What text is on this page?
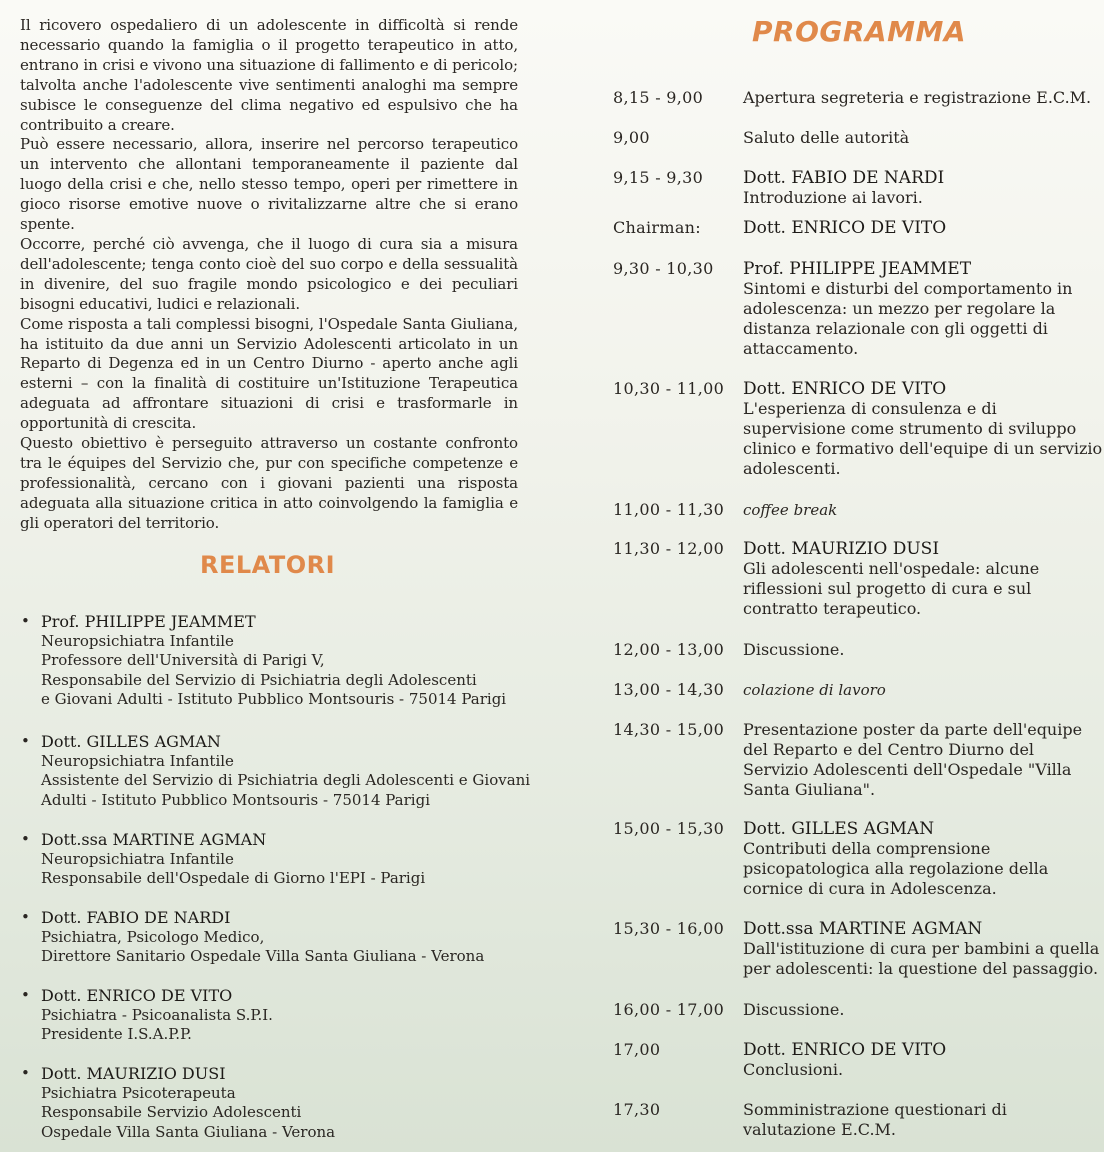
Il ricovero ospedaliero di un adolescente in difficoltà si rende necessario quando la famiglia o il progetto terapeutico in atto, entrano in crisi e vivono una situazione di fallimento e di pericolo; talvolta anche l'adolescente vive sentimenti analoghi ma sempre subisce le conseguenze del clima negativo ed espulsivo che ha contribuito a creare.

Può essere necessario, allora, inserire nel percorso terapeutico un intervento che allontani temporaneamente il paziente dal luogo della crisi e che, nello stesso tempo, operi per rimettere in gioco risorse emotive nuove o rivitalizzarne altre che si erano spente.

Occorre, perché ciò avvenga, che il luogo di cura sia a misura dell'adolescente; tenga conto cioè del suo corpo e della sessualità in divenire, del suo fragile mondo psicologico e dei peculiari bisogni educativi, ludici e relazionali.

Come risposta a tali complessi bisogni, l'Ospedale Santa Giuliana, ha istituito da due anni un Servizio Adolescenti articolato in un Reparto di Degenza ed in un Centro Diurno - aperto anche agli esterni – con la finalità di costituire un'Istituzione Terapeutica adeguata ad affrontare situazioni di crisi e trasformarle in opportunità di crescita.

Questo obiettivo è perseguito attraverso un costante confronto tra le équipes del Servizio che, pur con specifiche competenze e professionalità, cercano con i giovani pazienti una risposta adeguata alla situazione critica in atto coinvolgendo la famiglia e gli operatori del territorio.

RELATORI
• Prof. PHILIPPE JEAMMET
Neuropsichiatra Infantile
Professore dell'Università di Parigi V,
Responsabile del Servizio di Psichiatria degli Adolescenti
e Giovani Adulti - Istituto Pubblico Montsouris - 75014 Parigi
• Dott. GILLES AGMAN
Neuropsichiatra Infantile
Assistente del Servizio di Psichiatria degli Adolescenti e Giovani
Adulti - Istituto Pubblico Montsouris - 75014 Parigi
• Dott.ssa MARTINE AGMAN
Neuropsichiatra Infantile
Responsabile dell'Ospedale di Giorno l'EPI - Parigi
• Dott. FABIO DE NARDI
Psichiatra, Psicologo Medico,
Direttore Sanitario Ospedale Villa Santa Giuliana - Verona
• Dott. ENRICO DE VITO
Psichiatra - Psicoanalista S.P.I.
Presidente I.S.A.P.P.
• Dott. MAURIZIO DUSI
Psichiatra Psicoterapeuta
Responsabile Servizio Adolescenti
Ospedale Villa Santa Giuliana - Verona
PROGRAMMA
8,15 - 9,00 Apertura segreteria e registrazione E.C.M.
9,00	Saluto delle autorità
9,15 - 9,30 Dott. FABIO DE NARDI
Introduzione ai lavori.
Chairman: Dott. ENRICO DE VITO
9,30 - 10,30 Prof. PHILIPPE JEAMMET
Sintomi e disturbi del comportamento in adolescenza: un mezzo per regolare la distanza relazionale con gli oggetti di attaccamento.
10,30 - 11,00 Dott. ENRICO DE VITO
L'esperienza di consulenza e di supervisione come strumento di sviluppo clinico e formativo dell'equipe di un servizio adolescenti.
11,00 - 11,30 coffee break
11,30 - 12,00 Dott. MAURIZIO DUSI
Gli adolescenti nell'ospedale: alcune riflessioni sul progetto di cura e sul contratto terapeutico.
12,00 - 13,00 Discussione.
13,00 - 14,30 colazione di lavoro
14,30 - 15,00 Presentazione poster da parte dell'equipe del Reparto e del Centro Diurno del Servizio Adolescenti dell'Ospedale "Villa Santa Giuliana".
15,00 - 15,30 Dott. GILLES AGMAN
Contributi della comprensione psicopatologica alla regolazione della cornice di cura in Adolescenza.
15,30 - 16,00 Dott.ssa MARTINE AGMAN
Dall'istituzione di cura per bambini a quella per adolescenti: la questione del passaggio.
16,00 - 17,00 Discussione.
17,00	Dott. ENRICO DE VITO
Conclusioni.
17,30	Somministrazione questionari di valutazione E.C.M.
